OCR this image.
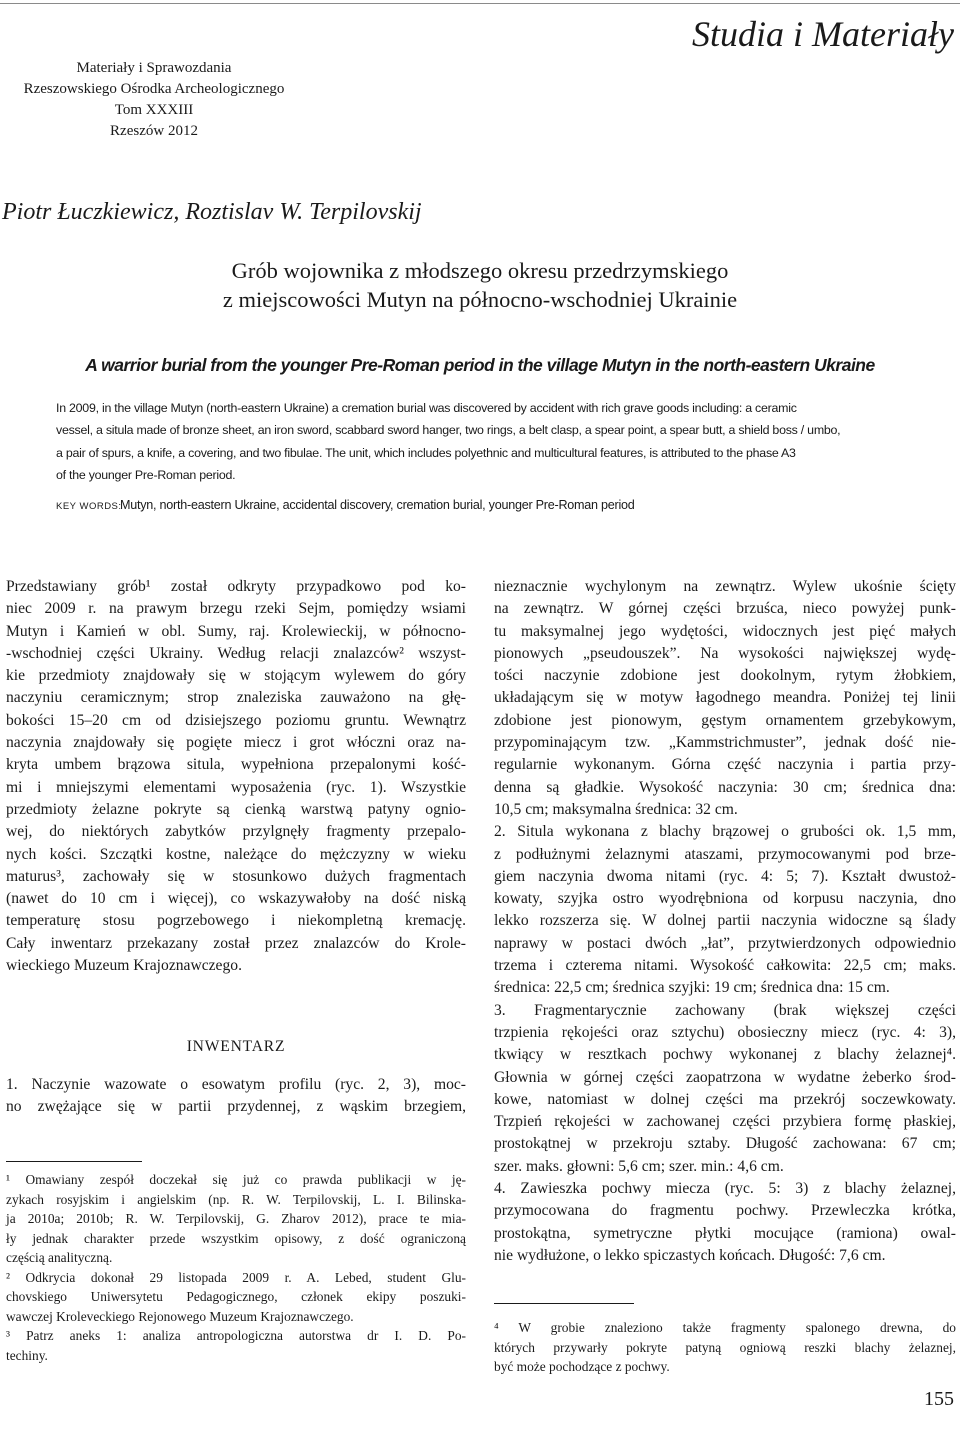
Materiały i Sprawozdania
Rzeszowskiego Ośrodka Archeologicznego
Tom XXXIII
Rzeszów 2012
Studia i Materiały
Piotr Łuczkiewicz, Roztislav W. Terpilovskij
Grób wojownika z młodszego okresu przedrzymskiego
z miejscowości Mutyn na północno-wschodniej Ukrainie
A warrior burial from the younger Pre-Roman period in the village Mutyn in the north-eastern Ukraine
In 2009, in the village Mutyn (north-eastern Ukraine) a cremation burial was discovered by accident with rich grave goods including: a ceramic
vessel, a situla made of bronze sheet, an iron sword, scabbard sword hanger, two rings, a belt clasp, a spear point, a spear butt, a shield boss / umbo,
a pair of spurs, a knife, a covering, and two fibulae. The unit, which includes polyethnic and multicultural features, is attributed to the phase A3
of the younger Pre-Roman period.
KEY WORDS:Mutyn, north-eastern Ukraine, accidental discovery, cremation burial, younger Pre-Roman period
Przedstawiany grób¹ został odkryty przypadkowo pod ko-
niec 2009 r. na prawym brzegu rzeki Sejm, pomiędzy wsiami
Mutyn i Kamień w obl. Sumy, raj. Krolewieckij, w północno-
-wschodniej części Ukrainy. Według relacji znalazców² wszyst-
kie przedmioty znajdowały się w stojącym wylewem do góry
naczyniu ceramicznym; strop znaleziska zauważono na głę-
bokości 15–20 cm od dzisiejszego poziomu gruntu. Wewnątrz
naczynia znajdowały się pogięte miecz i grot włóczni oraz na-
kryta umbem brązowa situla, wypełniona przepalonymi kość-
mi i mniejszymi elementami wyposażenia (ryc. 1). Wszystkie
przedmioty żelazne pokryte są cienką warstwą patyny ognio-
wej, do niektórych zabytków przylgnęły fragmenty przepalo-
nych kości. Szczątki kostne, należące do mężczyzny w wieku
maturus³, zachowały się w stosunkowo dużych fragmentach
(nawet do 10 cm i więcej), co wskazywałoby na dość niską
temperaturę stosu pogrzebowego i niekompletną kremację.
Cały inwentarz przekazany został przez znalazców do Krole-
wieckiego Muzeum Krajoznawczego.
INWENTARZ
1. Naczynie wazowate o esowatym profilu (ryc. 2, 3), moc-
no zwężające się w partii przydennej, z wąskim brzegiem,
nieznacznie wychylonym na zewnątrz. Wylew ukośnie ścięty
na zewnątrz. W górnej części brzuśca, nieco powyżej punk-
tu maksymalnej jego wydętości, widocznych jest pięć małych
pionowych „pseudouszek”. Na wysokości największej wydę-
tości naczynie zdobione jest dookolnym, rytym żłobkiem,
układającym się w motyw łagodnego meandra. Poniżej tej linii
zdobione jest pionowym, gęstym ornamentem grzebykowym,
przypominającym tzw. „Kammstrichmuster”, jednak dość nie-
regularnie wykonanym. Górna część naczynia i partia przy-
denna są gładkie. Wysokość naczynia: 30 cm; średnica dna:
10,5 cm; maksymalna średnica: 32 cm.
2. Situla wykonana z blachy brązowej o grubości ok. 1,5 mm,
z podłużnymi żelaznymi ataszami, przymocowanymi pod brze-
giem naczynia dwoma nitami (ryc. 4: 5; 7). Kształt dwustoż-
kowaty, szyjka ostro wyodrębniona od korpusu naczynia, dno
lekko rozszerza się. W dolnej partii naczynia widoczne są ślady
naprawy w postaci dwóch „łat”, przytwierdzonych odpowiednio
trzema i czterema nitami. Wysokość całkowita: 22,5 cm; maks.
średnica: 22,5 cm; średnica szyjki: 19 cm; średnica dna: 15 cm.
3. Fragmentarycznie zachowany (brak większej części
trzpienia rękojeści oraz sztychu) obosieczny miecz (ryc. 4: 3),
tkwiący w resztkach pochwy wykonanej z blachy żelaznej⁴.
Głownia w górnej części zaopatrzona w wydatne żeberko środ-
kowe, natomiast w dolnej części ma przekrój soczewkowaty.
Trzpień rękojeści w zachowanej części przybiera formę płaskiej,
prostokątnej w przekroju sztaby. Długość zachowana: 67 cm;
szer. maks. głowni: 5,6 cm; szer. min.: 4,6 cm.
4. Zawieszka pochwy miecza (ryc. 5: 3) z blachy żelaznej,
przymocowana do fragmentu pochwy. Przewleczka krótka,
prostokątna, symetryczne płytki mocujące (ramiona) owal-
nie wydłużone, o lekko spiczastych końcach. Długość: 7,6 cm.
¹ Omawiany zespół doczekał się już co prawda publikacji w ję-
zykach rosyjskim i angielskim (np. R. W. Terpilovskij, L. I. Bilinska-
ja 2010a; 2010b; R. W. Terpilovskij, G. Zharov 2012), prace te mia-
ły jednak charakter przede wszystkim opisowy, z dość ograniczoną
częścią analityczną.
² Odkrycia dokonał 29 listopada 2009 r. A. Lebed, student Glu-
chovskiego Uniwersytetu Pedagogicznego, członek ekipy poszuki-
wawczej Kroleveckiego Rejonowego Muzeum Krajoznawczego.
³ Patrz aneks 1: analiza antropologiczna autorstwa dr I. D. Po-
techiny.
⁴ W grobie znaleziono także fragmenty spalonego drewna, do
których przywarły pokryte patyną ogniową reszki blachy żelaznej,
być może pochodzące z pochwy.
155
